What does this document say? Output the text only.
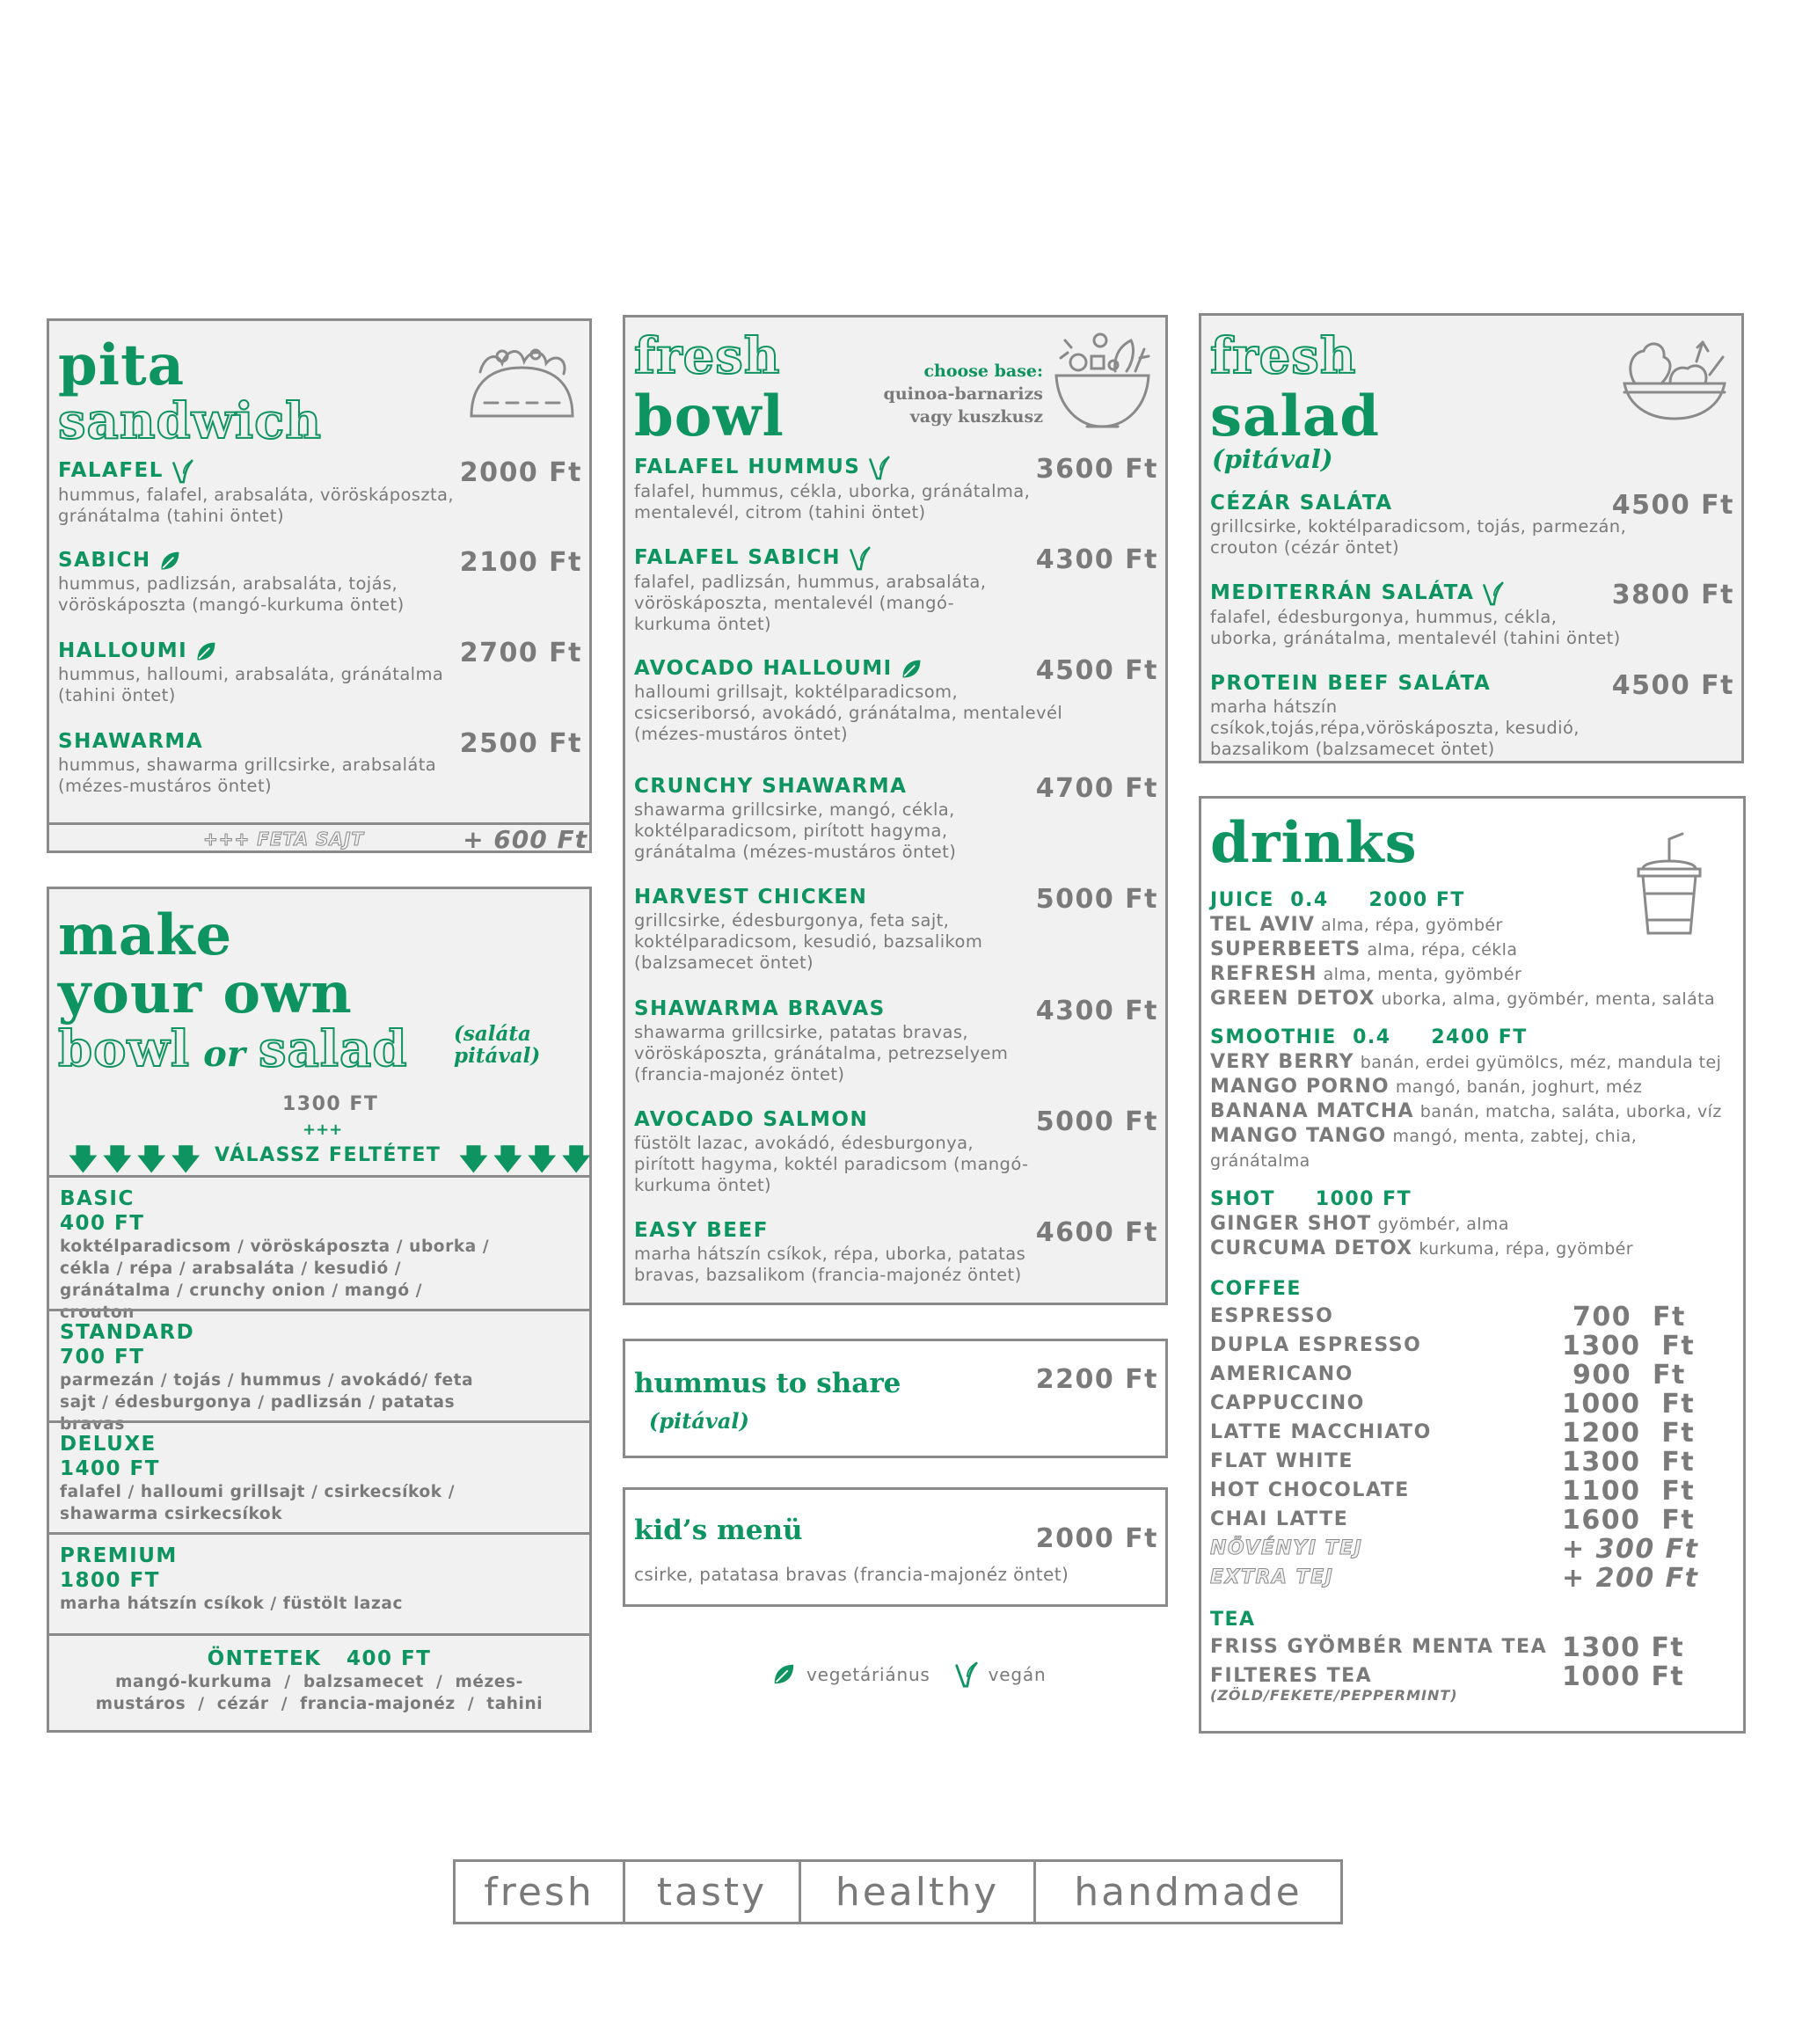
pita
sandwich
FALAFEL
hummus, falafel, arabsaláta, vöröskáposzta, gránátalma (tahini öntet)
2000 Ft
SABICH
hummus, padlizsán, arabsaláta, tojás, vöröskáposzta (mangó-kurkuma öntet)
2100 Ft
HALLOUMI
hummus, halloumi, arabsaláta, gránátalma (tahini öntet)
2700 Ft
SHAWARMA
hummus, shawarma grillcsirke, arabsaláta (mézes-mustáros öntet)
2500 Ft
+++ FETA SAJT	+ 600 Ft
make
your own
bowl or salad (saláta pitával)
1300 FT
+++
🡇🡇🡇🡇 VÁLASSZ FELTÉTET 🡇🡇🡇🡇
BASIC
400 FT
koktélparadicsom / vöröskáposzta / uborka / cékla / répa / arabsaláta / kesudió / gránátalma / crunchy onion / mangó / crouton
STANDARD
700 FT
parmezán / tojás / hummus / avokádó/ feta sajt / édesburgonya / padlizsán / patatas bravas
DELUXE
1400 FT
falafel / halloumi grillsajt / csirkecsíkok / shawarma csirkecsíkok
PREMIUM
1800 FT
marha hátszín csíkok / füstölt lazac
ÖNTETEK   400 FT
mangó-kurkuma  /  balzsamecet  /  mézes-mustáros  /  cézár  /  francia-majonéz  /  tahini
fresh
bowl
choose base:
quinoa-barnarizs
vagy kuszkusz
FALAFEL HUMMUS
falafel, hummus, cékla, uborka, gránátalma, mentalevél, citrom (tahini öntet)
3600 Ft
FALAFEL SABICH
falafel, padlizsán, hummus, arabsaláta, vöröskáposzta, mentalevél (mangó-kurkuma öntet)
4300 Ft
AVOCADO HALLOUMI
halloumi grillsajt, koktélparadicsom, csicseriborsó, avokádó, gránátalma, mentalevél (mézes-mustáros öntet)
4500 Ft
CRUNCHY SHAWARMA
shawarma grillcsirke, mangó, cékla, koktélparadicsom, pirított hagyma, gránátalma (mézes-mustáros öntet)
4700 Ft
HARVEST CHICKEN
grillcsirke, édesburgonya, feta sajt, koktélparadicsom, kesudió, bazsalikom (balzsamecet öntet)
5000 Ft
SHAWARMA BRAVAS
shawarma grillcsirke, patatas bravas, vöröskáposzta, gránátalma, petrezselyem (francia-majonéz öntet)
4300 Ft
AVOCADO SALMON
füstölt lazac, avokádó, édesburgonya, pirított hagyma, koktél paradicsom (mangó-kurkuma öntet)
5000 Ft
EASY BEEF
marha hátszín csíkok, répa, uborka, patatas bravas, bazsalikom (francia-majonéz öntet)
4600 Ft
hummus to share
(pitával)
2200 Ft
kid’s menü
csirke, patatasa bravas (francia-majonéz öntet)
2000 Ft
vegetáriánus	vegán
fresh
salad
(pitával)
CÉZÁR SALÁTA
grillcsirke, koktélparadicsom, tojás, parmezán, crouton (cézár öntet)
4500 Ft
MEDITERRÁN SALÁTA
falafel, édesburgonya, hummus, cékla, uborka, gránátalma, mentalevél (tahini öntet)
3800 Ft
PROTEIN BEEF SALÁTA
marha hátszín csíkok,tojás,répa,vöröskáposzta, kesudió, bazsalikom (balzsamecet öntet)
4500 Ft
drinks
JUICE  0.4     2000 FT
TEL AVIV alma, répa, gyömbér
SUPERBEETS alma, répa, cékla
REFRESH alma, menta, gyömbér
GREEN DETOX uborka, alma, gyömbér, menta, saláta
SMOOTHIE  0.4     2400 FT
VERY BERRY banán, erdei gyümölcs, méz, mandula tej
MANGO PORNO mangó, banán, joghurt, méz
BANANA MATCHA banán, matcha, saláta, uborka, víz
MANGO TANGO mangó, menta, zabtej, chia, gránátalma
SHOT     1000 FT
GINGER SHOT gyömbér, alma
CURCUMA DETOX kurkuma, répa, gyömbér
COFFEE
ESPRESSO	700  Ft
DUPLA ESPRESSO	1300  Ft
AMERICANO	900  Ft
CAPPUCCINO	1000  Ft
LATTE MACCHIATO	1200  Ft
FLAT WHITE	1300  Ft
HOT CHOCOLATE	1100  Ft
CHAI LATTE	1600  Ft
NÖVÉNYI TEJ	+ 300 Ft
EXTRA TEJ	+ 200 Ft
TEA
FRISS GYÖMBÉR MENTA TEA 1300 Ft
FILTERES TEA	1000 Ft
(ZÖLD/FEKETE/PEPPERMINT)
fresh	tasty	healthy	handmade
